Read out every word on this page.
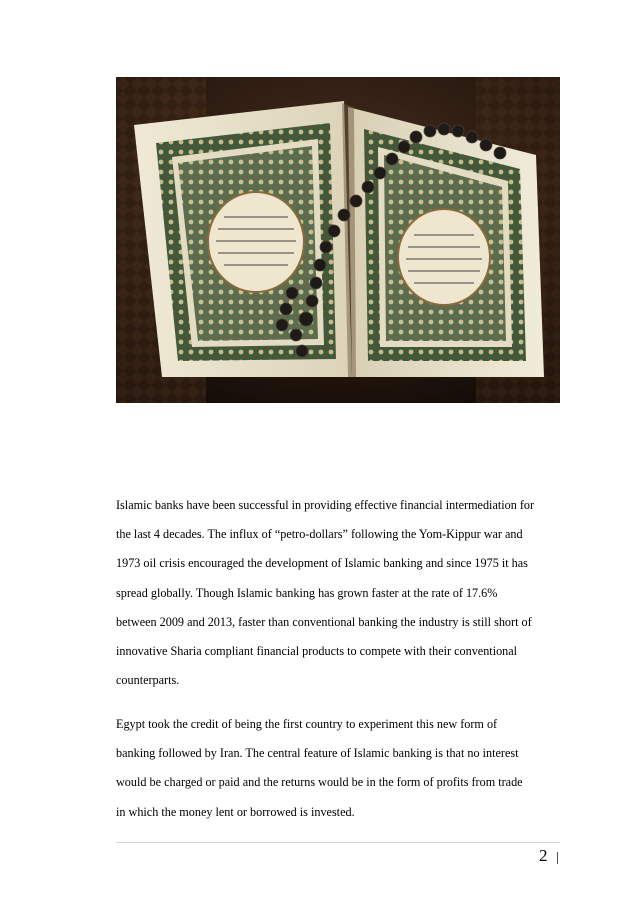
Islamic banks have been successful in providing effective financial intermediation for
the last 4 decades. The influx of “petro-dollars” following the Yom-Kippur war and
1973 oil crisis encouraged the development of Islamic banking and since 1975 it has
spread globally. Though Islamic banking has grown faster at the rate of 17.6%
between 2009 and 2013, faster than conventional banking the industry is still short of
innovative Sharia compliant financial products to compete with their conventional
counterparts.
Egypt took the credit of being the first country to experiment this new form of
banking followed by Iran. The central feature of Islamic banking is that no interest
would be charged or paid and the returns would be in the form of profits from trade
in which the money lent or borrowed is invested.
2
